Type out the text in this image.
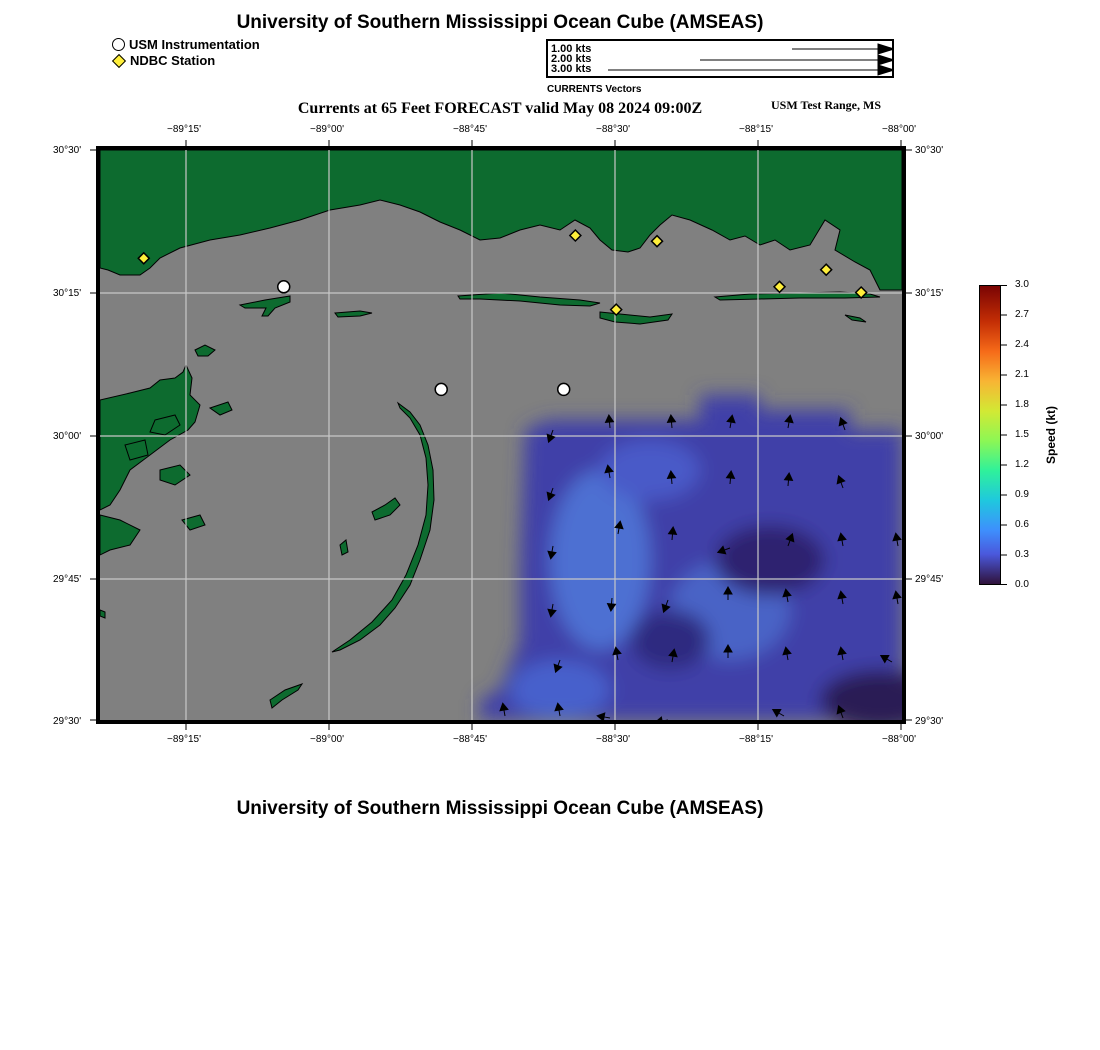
University of Southern Mississippi Ocean Cube (AMSEAS)
USM Instrumentation
NDBC Station
1.00 kts
2.00 kts
3.00 kts
CURRENTS Vectors
Currents at 65 Feet FORECAST valid May 08 2024 09:00Z	USM Test Range, MS
−89°15'	−89°00'	−88°45'	−88°30'	−88°15'	−88°00'
−89°15'	−89°00'	−88°45'	−88°30'	−88°15'	−88°00'
30°30'
30°15'
30°00'
29°45'
29°30'
30°30'
30°15'
30°00'
29°45'
29°30'
3.0
2.7
2.4
2.1
1.8
1.5
1.2
0.9
0.6
0.3
0.0
Speed (kt)
University of Southern Mississippi Ocean Cube (AMSEAS)
